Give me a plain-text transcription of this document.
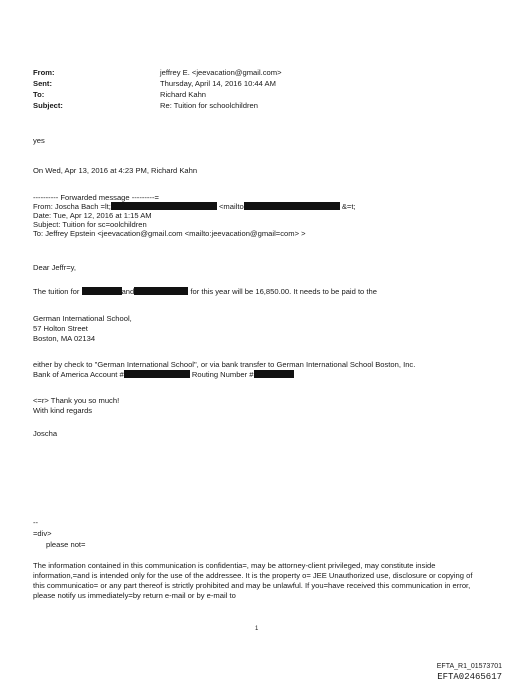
From:	jeffrey E. <jeevacation@gmail.com>
Sent:	Thursday, April 14, 2016 10:44 AM
To:	Richard Kahn
Subject:	Re: Tuition for schoolchildren
yes
On Wed, Apr 13, 2016 at 4:23 PM, Richard Kahn
---------- Forwarded message ---------=
From: Joscha Bach =lt;	<mailto	&=t;
Date: Tue, Apr 12, 2016 at 1:15 AM
Subject: Tuition for sc=oolchildren
To: Jeffrey Epstein <jeevacation@gmail.com <mailto:jeevacation@gmail=com> >
Dear Jeffr=y,
The tuition for	and	for this year will be 16,850.00. It needs to be paid to the
German International School,
57 Holton Street
Boston, MA 02134
either by check to "German International School", or via bank transfer to German International School Boston, Inc.
Bank of America Account #	Routing Number #
<=r> Thank you so much!
With kind regards
Joscha
--
=div>
please not=
The information contained in this communication is confidentia=, may be attorney-client privileged, may constitute inside information,=and is intended only for the use of the addressee. It is the property o= JEE Unauthorized use, disclosure or copying of this communicatio= or any part thereof is strictly prohibited and may be unlawful. If you=have received this communication in error, please notify us immediately=by return e-mail or by e-mail to
1
EFTA_R1_01573701
EFTA02465617
